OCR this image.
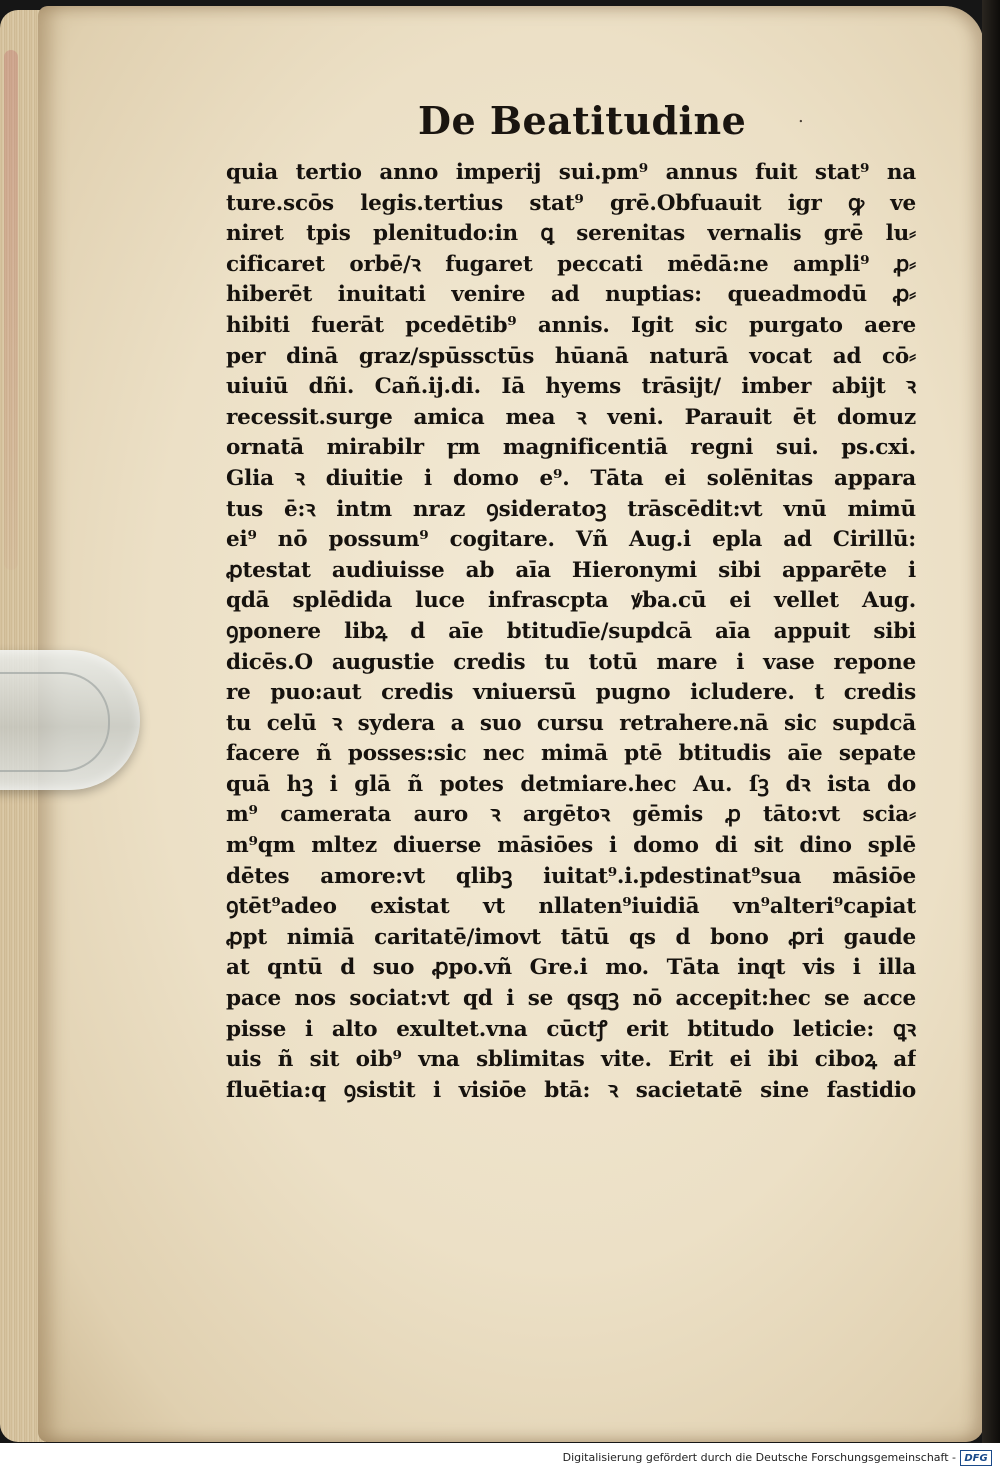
De Beatitudine	.
quia tertio anno imperij sui.pm⁹ annus fuit stat⁹ na
ture.scōs legis.tertius stat⁹ grē.Obfuauit igr ꝙ ve
niret tpis plenitudo:in ꝗ serenitas vernalis grē lu⸗
cificaret orbē/ꝛ fugaret peccati mēdā:ne ampli⁹ ꝓ⸗
hiberēt inuitati venire ad nuptias: queadmodū ꝓ⸗
hibiti fuerāt pcedētib⁹ annis. Igit sic purgato aere
per dinā graz/spūssctūs hūanā naturā vocat ad cō⸗
uiuiū dñi. Cañ.ij.di. Iā hyems trāsijt/ imber abijt ꝛ
recessit.surge amica mea ꝛ veni. Parauit ēt domuz
ornatā mirabilr ꝼm magnificentiā regni sui. ps.cxi.
Glia ꝛ diuitie i domo e⁹. Tāta ei solēnitas appara
tus ē:ꝛ intm nraz ꝯsideratoꝫ trāscēdit:vt vnū mimū
ei⁹ nō possum⁹ cogitare. Vñ Aug.i epla ad Cirillū:
ꝓtestat audiuisse ab aīa Hieronymi sibi apparēte i
qdā splēdida luce infrascpta ꝟba.cū ei vellet Aug.
ꝯponere libꝝ d aīe btitudīe/supdcā aīa appuit sibi
dicēs.O augustie credis tu totū mare i vase repone
re puo:aut credis vniuersū pugno icludere. t credis
tu celū ꝛ sydera a suo cursu retrahere.nā sic supdcā
facere ñ posses:sic nec mimā ptē btitudis aīe sepate
quā hꝫ i glā ñ potes detmiare.hec Au. ſꝫ dꝛ ista do
m⁹ camerata auro ꝛ argētoꝛ gēmis ꝓ tāto:vt scia⸗
m⁹qm mltez diuerse māsiōes i domo di sit dino splē
dētes amore:vt qlibꝫ iuitat⁹.i.pdestinat⁹sua māsiōe
ꝯtēt⁹adeo existat vt nllaten⁹iuidiā vn⁹alteri⁹capiat
ꝓpt nimiā caritatē/imovt tātū qs d bono ꝓri gaude
at qntū d suo ꝓpo.vñ Gre.i mo. Tāta inqt vis i illa
pace nos sociat:vt qd i se qsqꝫ nō accepit:hec se acce
pisse i alto exultet.vna cūctꝭ erit btitudo leticie: ꝗꝛ
uis ñ sit oib⁹ vna sblimitas vite. Erit ei ibi ciboꝝ af
fluētia:q ꝯsistit i visiōe btā: ꝛ sacietatē sine fastidio
Digitalisierung gefördert durch die Deutsche Forschungsgemeinschaft - DFG
